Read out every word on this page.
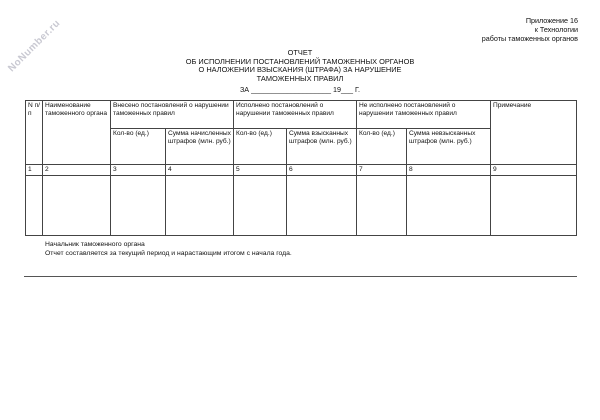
NoNumber.ru	Приложение 16
к Технологии
работы таможенных органов
ОТЧЕТ
ОБ ИСПОЛНЕНИИ ПОСТАНОВЛЕНИЙ ТАМОЖЕННЫХ ОРГАНОВ
О НАЛОЖЕНИИ ВЗЫСКАНИЯ (ШТРАФА) ЗА НАРУШЕНИЕ
ТАМОЖЕННЫХ ПРАВИЛ
ЗА ____________________ 19___ Г.
N п/п	Наименование таможенного органа	Внесено постановлений о нарушении таможенных правил		Исполнено постановлений о нарушении таможенных правил		Не исполнено постановлений о нарушении таможенных правил		Примечание
		Кол-во (ед.)	Сумма начисленных штрафов (млн. руб.)	Кол-во (ед.)	Сумма взысканных штрафов (млн. руб.)	Кол-во (ед.)	Сумма невзысканных штрафов (млн. руб.)	
1	2	3	4	5	6	7	8	9

Начальник таможенного органа
Отчет составляется за текущий период и нарастающим итогом с начала года.
